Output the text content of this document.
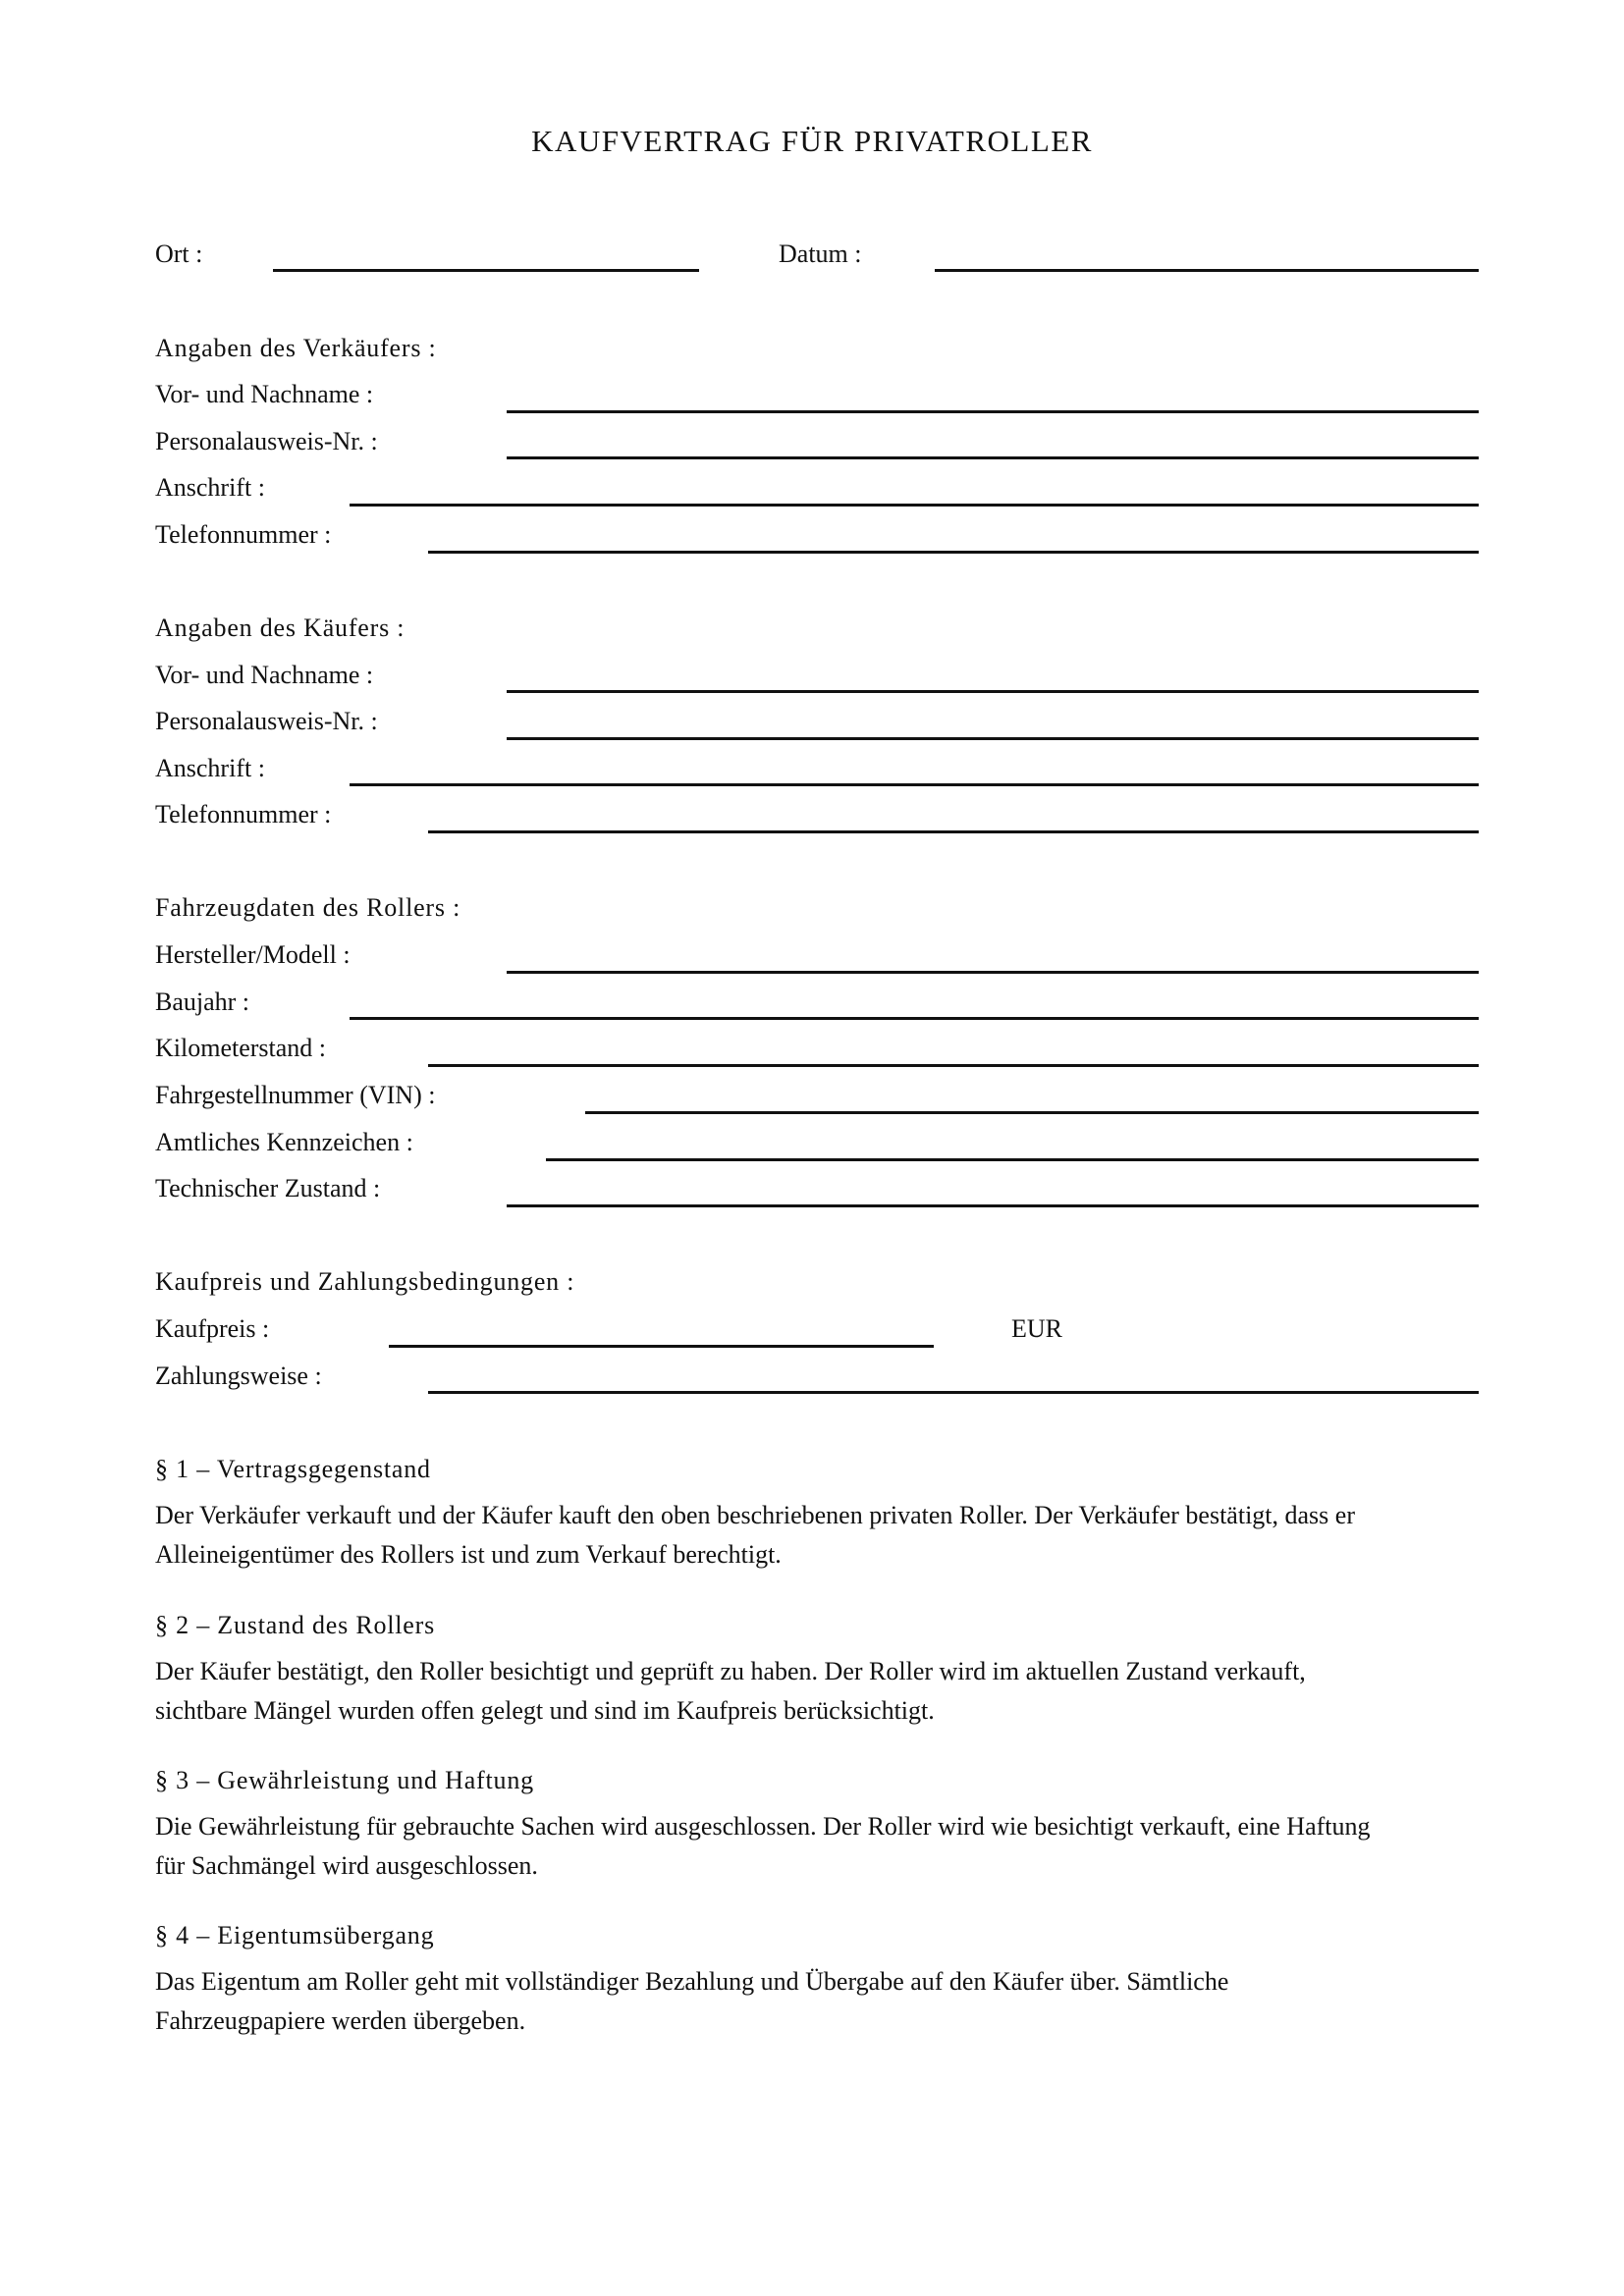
KAUFVERTRAG FÜR PRIVATROLLER
Ort :	Datum :
Angaben des Verkäufers :
Vor- und Nachname :
Personalausweis-Nr. :
Anschrift :
Telefonnummer :
Angaben des Käufers :
Vor- und Nachname :
Personalausweis-Nr. :
Anschrift :
Telefonnummer :
Fahrzeugdaten des Rollers :
Hersteller/Modell :
Baujahr :
Kilometerstand :
Fahrgestellnummer (VIN) :
Amtliches Kennzeichen :
Technischer Zustand :
Kaufpreis und Zahlungsbedingungen :
Kaufpreis :	EUR
Zahlungsweise :
§ 1 – Vertragsgegenstand
Der Verkäufer verkauft und der Käufer kauft den oben beschriebenen privaten Roller. Der Verkäufer bestätigt, dass er
Alleineigentümer des Rollers ist und zum Verkauf berechtigt.
§ 2 – Zustand des Rollers
Der Käufer bestätigt, den Roller besichtigt und geprüft zu haben. Der Roller wird im aktuellen Zustand verkauft,
sichtbare Mängel wurden offen gelegt und sind im Kaufpreis berücksichtigt.
§ 3 – Gewährleistung und Haftung
Die Gewährleistung für gebrauchte Sachen wird ausgeschlossen. Der Roller wird wie besichtigt verkauft, eine Haftung
für Sachmängel wird ausgeschlossen.
§ 4 – Eigentumsübergang
Das Eigentum am Roller geht mit vollständiger Bezahlung und Übergabe auf den Käufer über. Sämtliche
Fahrzeugpapiere werden übergeben.
